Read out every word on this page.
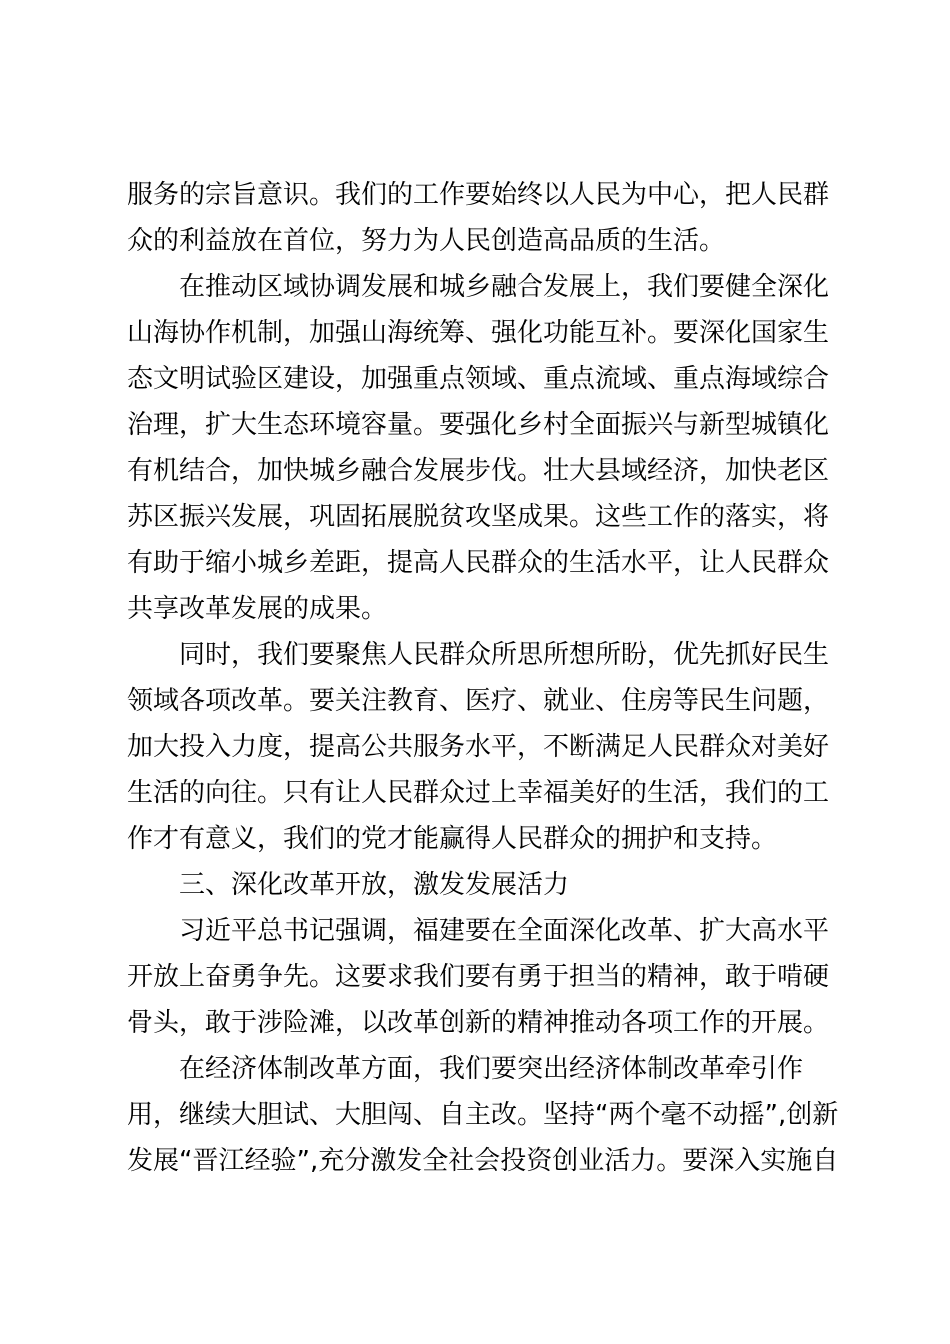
服务的宗旨意识。我们的工作要始终以人民为中心，把人民群
众的利益放在首位，努力为人民创造高品质的生活。
在推动区域协调发展和城乡融合发展上，我们要健全深化
山海协作机制，加强山海统筹、强化功能互补。要深化国家生
态文明试验区建设，加强重点领域、重点流域、重点海域综合
治理，扩大生态环境容量。要强化乡村全面振兴与新型城镇化
有机结合，加快城乡融合发展步伐。壮大县域经济，加快老区
苏区振兴发展，巩固拓展脱贫攻坚成果。这些工作的落实，将
有助于缩小城乡差距，提高人民群众的生活水平，让人民群众
共享改革发展的成果。
同时，我们要聚焦人民群众所思所想所盼，优先抓好民生
领域各项改革。要关注教育、医疗、就业、住房等民生问题，
加大投入力度，提高公共服务水平，不断满足人民群众对美好
生活的向往。只有让人民群众过上幸福美好的生活，我们的工
作才有意义，我们的党才能赢得人民群众的拥护和支持。
三、深化改革开放，激发发展活力
习近平总书记强调，福建要在全面深化改革、扩大高水平
开放上奋勇争先。这要求我们要有勇于担当的精神，敢于啃硬
骨头，敢于涉险滩，以改革创新的精神推动各项工作的开展。
在经济体制改革方面，我们要突出经济体制改革牵引作
用，继续大胆试、大胆闯、自主改。坚持“两个毫不动摇”,创新
发展“晋江经验”,充分激发全社会投资创业活力。要深入实施自
